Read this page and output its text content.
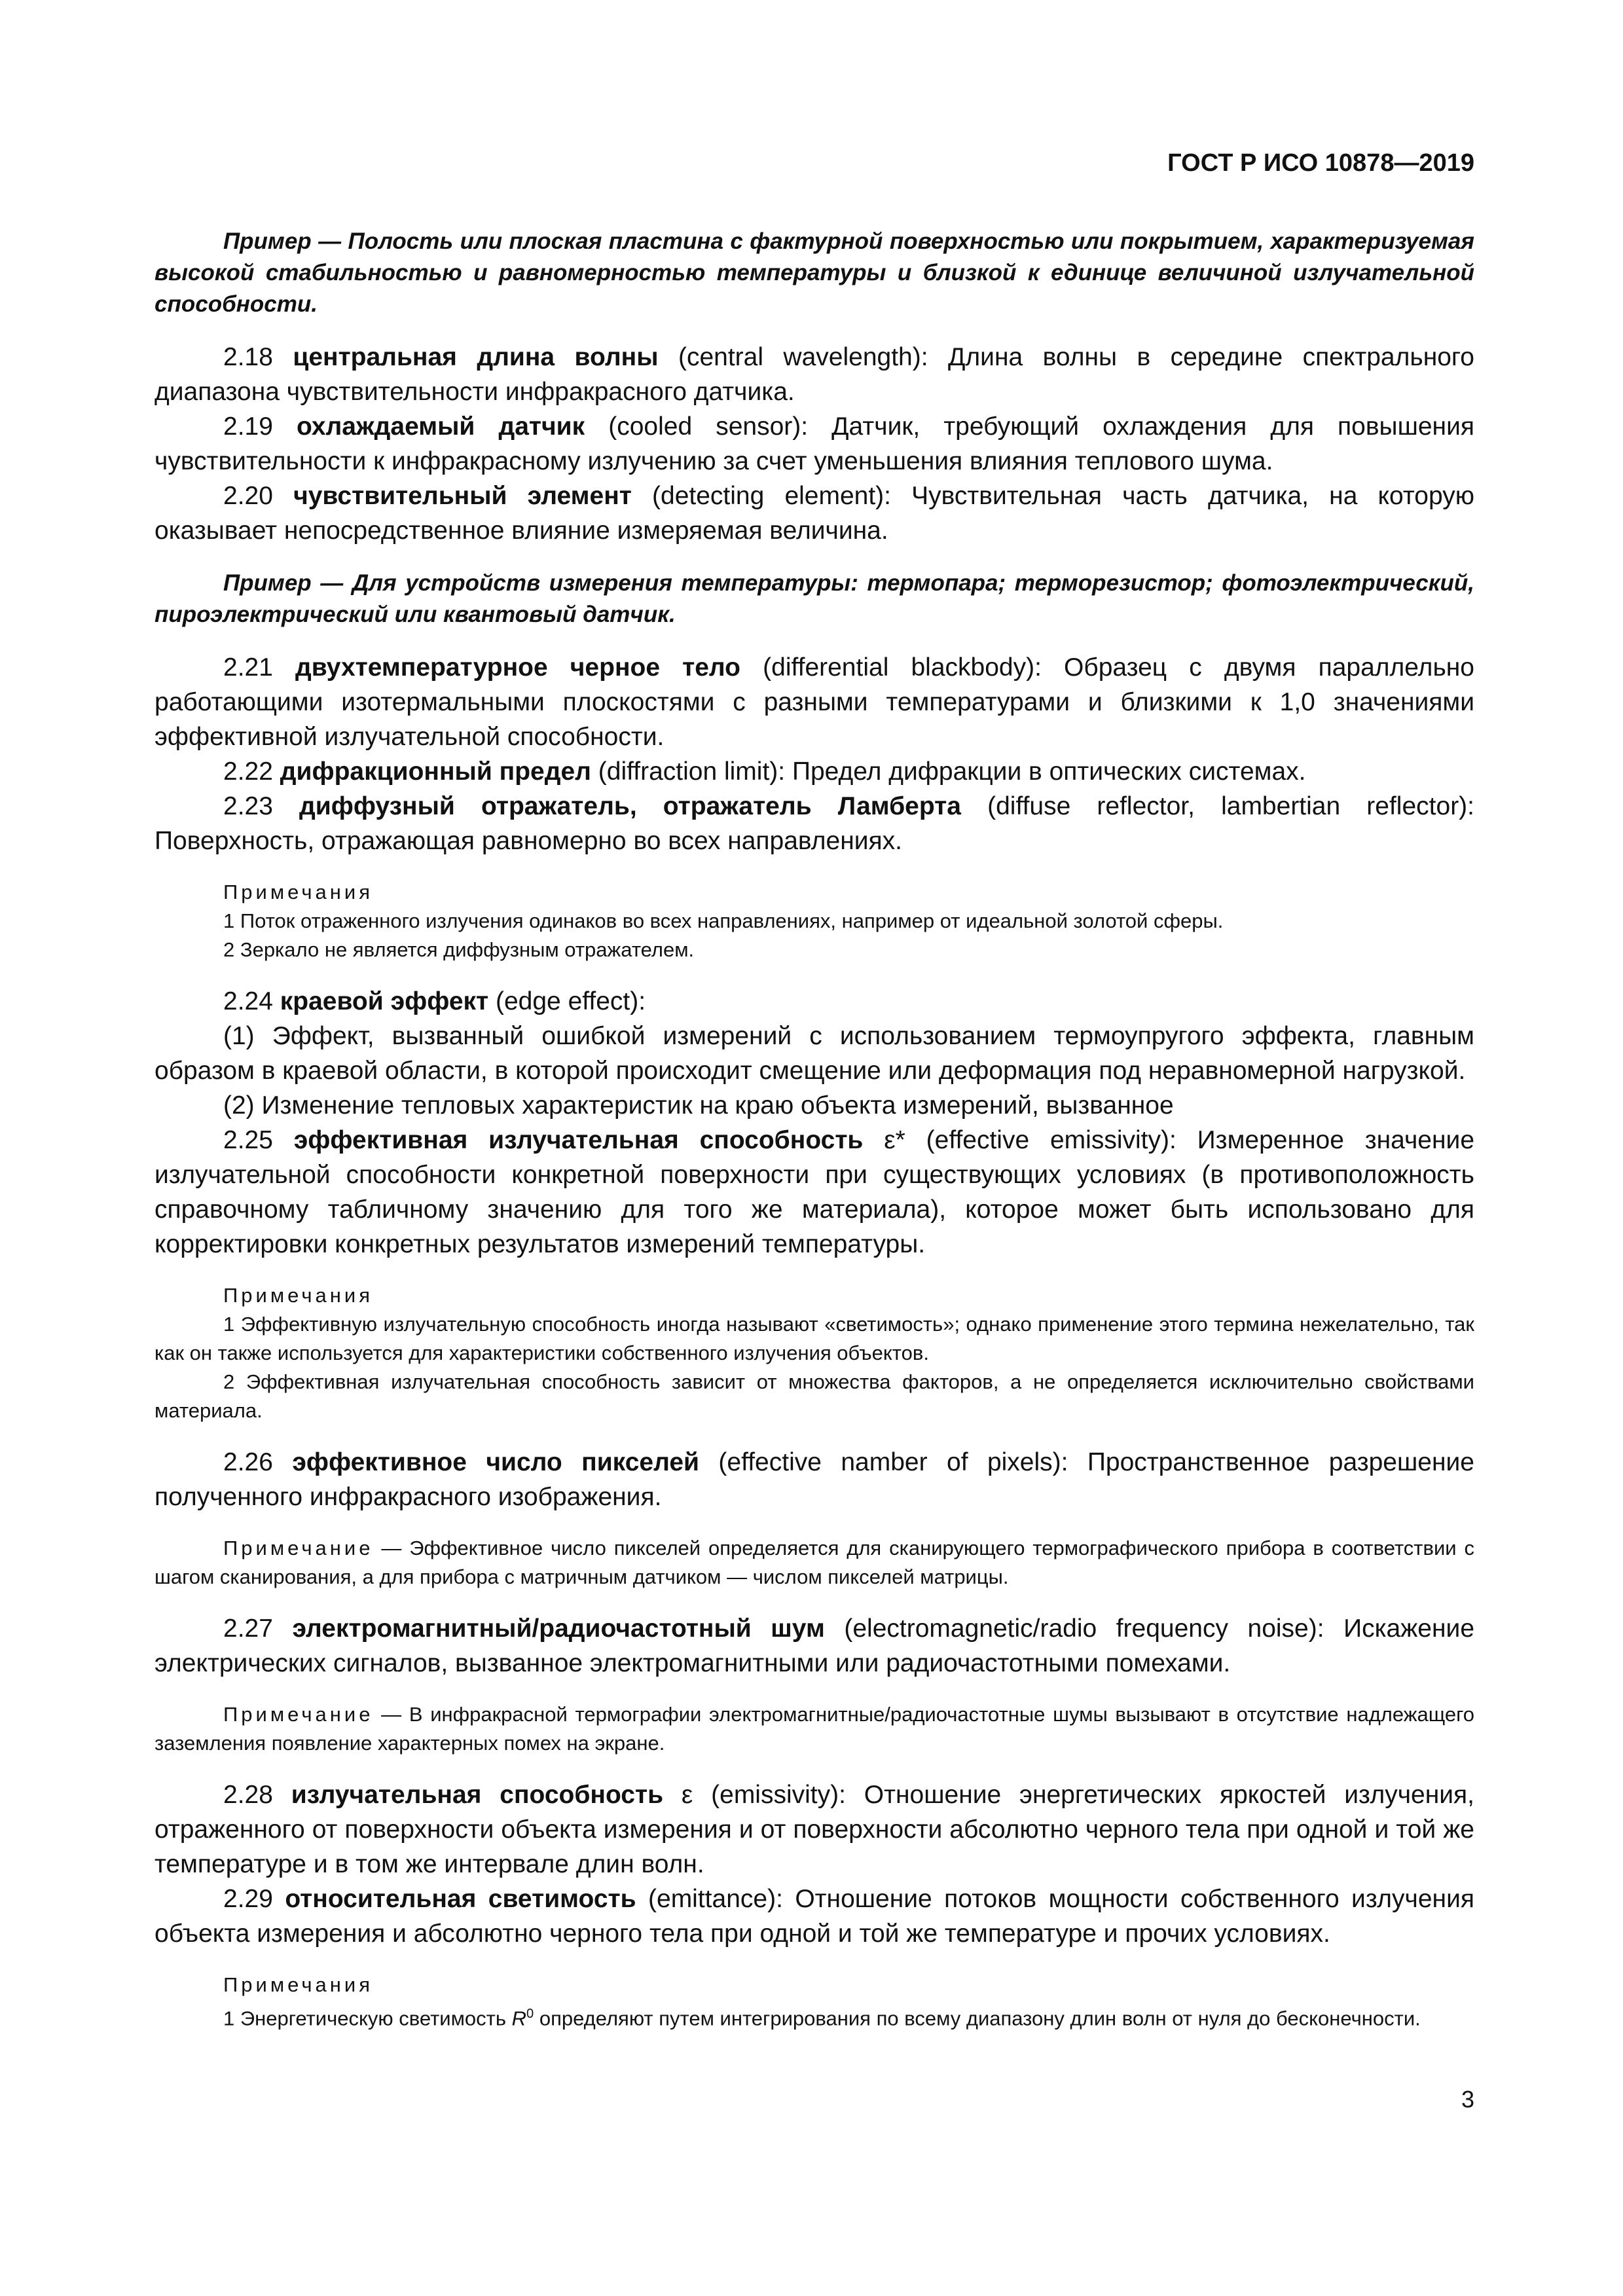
ГОСТ Р ИСО 10878—2019

Пример — Полость или плоская пластина с фактурной поверхностью или покрытием, характеризуемая высокой стабильностью и равномерностью температуры и близкой к единице величиной излучательной способности.

2.18 центральная длина волны (central wavelength): Длина волны в середине спектрального диапазона чувствительности инфракрасного датчика.

2.19 охлаждаемый датчик (cooled sensor): Датчик, требующий охлаждения для повышения чувствительности к инфракрасному излучению за счет уменьшения влияния теплового шума.

2.20 чувствительный элемент (detecting element): Чувствительная часть датчика, на которую оказывает непосредственное влияние измеряемая величина.

Пример — Для устройств измерения температуры: термопара; терморезистор; фотоэлектрический, пироэлектрический или квантовый датчик.

2.21 двухтемпературное черное тело (differential blackbody): Образец с двумя параллельно работающими изотермальными плоскостями с разными температурами и близкими к 1,0 значениями эффективной излучательной способности.

2.22 дифракционный предел (diffraction limit): Предел дифракции в оптических системах.

2.23 диффузный отражатель, отражатель Ламберта (diffuse reflector, lambertian reflector): Поверхность, отражающая равномерно во всех направлениях.

Примечания

1 Поток отраженного излучения одинаков во всех направлениях, например от идеальной золотой сферы.

2 Зеркало не является диффузным отражателем.

2.24 краевой эффект (edge effect):

(1) Эффект, вызванный ошибкой измерений с использованием термоупругого эффекта, главным образом в краевой области, в которой происходит смещение или деформация под неравномерной нагрузкой.

(2) Изменение тепловых характеристик на краю объекта измерений, вызванное

2.25 эффективная излучательная способность ε* (effective emissivity): Измеренное значение излучательной способности конкретной поверхности при существующих условиях (в противоположность справочному табличному значению для того же материала), которое может быть использовано для корректировки конкретных результатов измерений температуры.

Примечания

1 Эффективную излучательную способность иногда называют «светимость»; однако применение этого термина нежелательно, так как он также используется для характеристики собственного излучения объектов.

2 Эффективная излучательная способность зависит от множества факторов, а не определяется исключительно свойствами материала.

2.26 эффективное число пикселей (effective namber of pixels): Пространственное разрешение полученного инфракрасного изображения.

Примечание — Эффективное число пикселей определяется для сканирующего термографического прибора в соответствии с шагом сканирования, а для прибора с матричным датчиком — числом пикселей матрицы.

2.27 электромагнитный/радиочастотный шум (electromagnetic/radio frequency noise): Искажение электрических сигналов, вызванное электромагнитными или радиочастотными помехами.

Примечание — В инфракрасной термографии электромагнитные/радиочастотные шумы вызывают в отсутствие надлежащего заземления появление характерных помех на экране.

2.28 излучательная способность ε (emissivity): Отношение энергетических яркостей излучения, отраженного от поверхности объекта измерения и от поверхности абсолютно черного тела при одной и той же температуре и в том же интервале длин волн.

2.29 относительная светимость (emittance): Отношение потоков мощности собственного излучения объекта измерения и абсолютно черного тела при одной и той же температуре и прочих условиях.

Примечания

1 Энергетическую светимость $R^0$ определяют путем интегрирования по всему диапазону длин волн от нуля до бесконечности.

3
